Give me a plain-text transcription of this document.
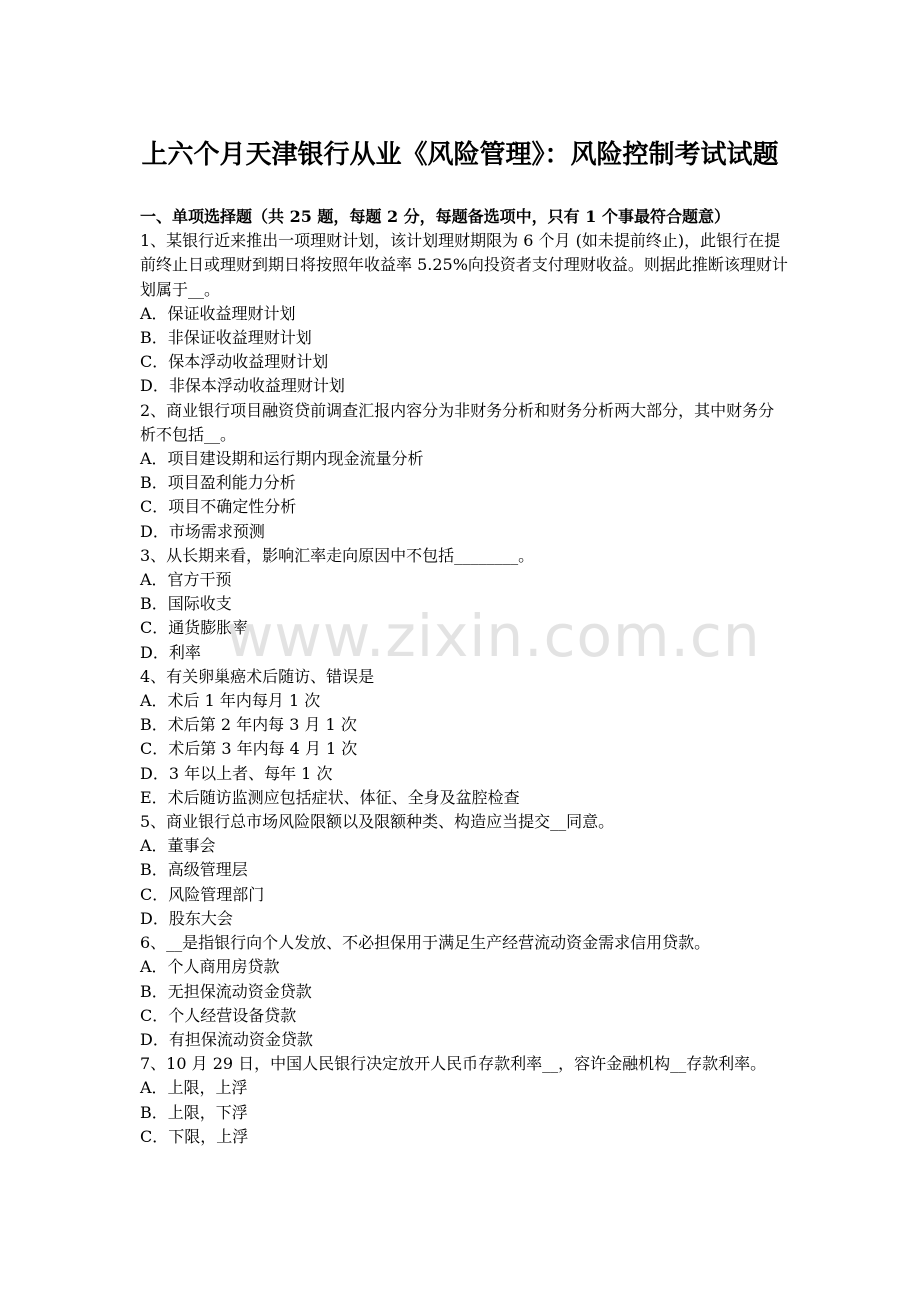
上六个月天津银行从业《风险管理》：风险控制考试试题
一、单项选择题（共 25 题，每题 2 分，每题备选项中，只有 1 个事最符合题意）

1、某银行近来推出一项理财计划，该计划理财期限为 6 个月 (如未提前终止)，此银行在提前终止日或理财到期日将按照年收益率 5.25%向投资者支付理财收益。则据此推断该理财计划属于__。

A．保证收益理财计划

B．非保证收益理财计划

C．保本浮动收益理财计划

D．非保本浮动收益理财计划

2、商业银行项目融资贷前调查汇报内容分为非财务分析和财务分析两大部分，其中财务分析不包括__。

A．项目建设期和运行期内现金流量分析

B．项目盈利能力分析

C．项目不确定性分析

D．市场需求预测

3、从长期来看，影响汇率走向原因中不包括________。

A．官方干预

B．国际收支

C．通货膨胀率

D．利率

4、有关卵巢癌术后随访、错误是

A．术后 1 年内每月 1 次

B．术后第 2 年内每 3 月 1 次

C．术后第 3 年内每 4 月 1 次

D．3 年以上者、每年 1 次

E．术后随访监测应包括症状、体征、全身及盆腔检查

5、商业银行总市场风险限额以及限额种类、构造应当提交__同意。

A．董事会

B．高级管理层

C．风险管理部门

D．股东大会

6、__是指银行向个人发放、不必担保用于满足生产经营流动资金需求信用贷款。

A．个人商用房贷款

B．无担保流动资金贷款

C．个人经营设备贷款

D．有担保流动资金贷款

7、10 月 29 日，中国人民银行决定放开人民币存款利率__，容许金融机构__存款利率。

A．上限，上浮

B．上限，下浮

C．下限，上浮

www.zixin.com.cn
